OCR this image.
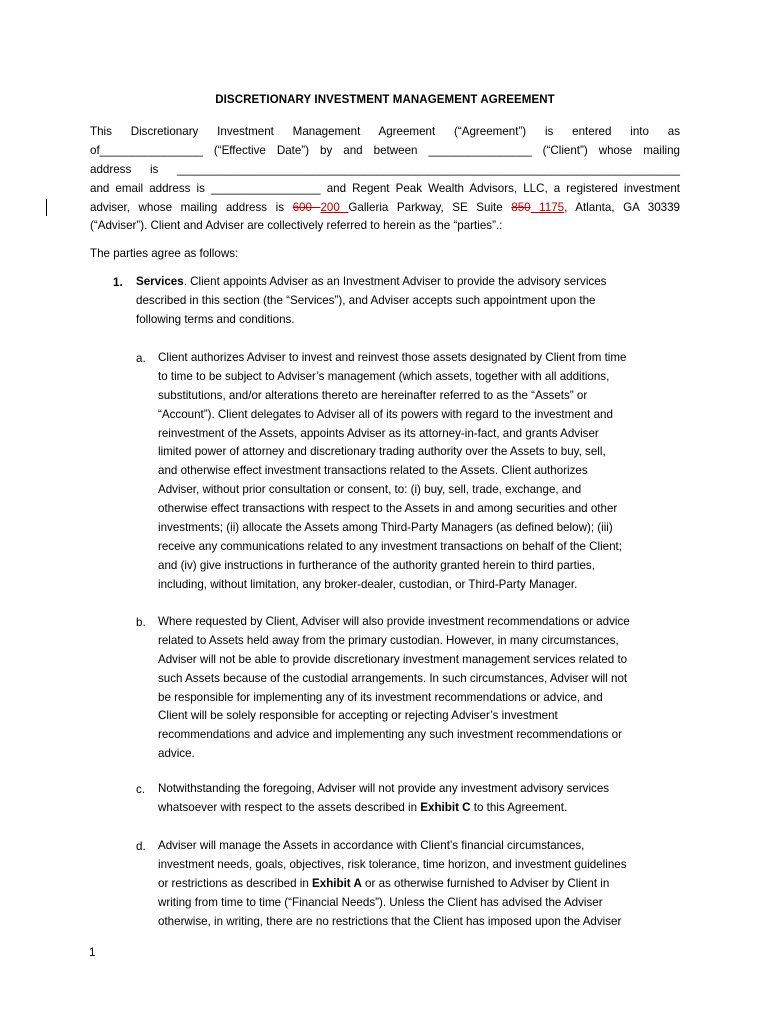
DISCRETIONARY INVESTMENT MANAGEMENT AGREEMENT
This Discretionary Investment Management Agreement (“Agreement”) is entered into as
of________________ (“Effective Date”) by and between ________________ (“Client”) whose mailing
address is ______________________________________________________________________________
and email address is _________________ and Regent Peak Wealth Advisors, LLC, a registered investment
adviser, whose mailing address is 600 200 Galleria Parkway, SE Suite 850 1175, Atlanta, GA 30339
(“Adviser”). Client and Adviser are collectively referred to herein as the “parties”.:
The parties agree as follows:
1. Services. Client appoints Adviser as an Investment Adviser to provide the advisory services
described in this section (the “Services”), and Adviser accepts such appointment upon the
following terms and conditions.
a. Client authorizes Adviser to invest and reinvest those assets designated by Client from time
to time to be subject to Adviser’s management (which assets, together with all additions,
substitutions, and/or alterations thereto are hereinafter referred to as the “Assets” or
“Account”). Client delegates to Adviser all of its powers with regard to the investment and
reinvestment of the Assets, appoints Adviser as its attorney-in-fact, and grants Adviser
limited power of attorney and discretionary trading authority over the Assets to buy, sell,
and otherwise effect investment transactions related to the Assets. Client authorizes
Adviser, without prior consultation or consent, to: (i) buy, sell, trade, exchange, and
otherwise effect transactions with respect to the Assets in and among securities and other
investments; (ii) allocate the Assets among Third-Party Managers (as defined below); (iii)
receive any communications related to any investment transactions on behalf of the Client;
and (iv) give instructions in furtherance of the authority granted herein to third parties,
including, without limitation, any broker-dealer, custodian, or Third-Party Manager.
b. Where requested by Client, Adviser will also provide investment recommendations or advice
related to Assets held away from the primary custodian. However, in many circumstances,
Adviser will not be able to provide discretionary investment management services related to
such Assets because of the custodial arrangements. In such circumstances, Adviser will not
be responsible for implementing any of its investment recommendations or advice, and
Client will be solely responsible for accepting or rejecting Adviser’s investment
recommendations and advice and implementing any such investment recommendations or
advice.
c. Notwithstanding the foregoing, Adviser will not provide any investment advisory services
whatsoever with respect to the assets described in Exhibit C to this Agreement.
d. Adviser will manage the Assets in accordance with Client’s financial circumstances,
investment needs, goals, objectives, risk tolerance, time horizon, and investment guidelines
or restrictions as described in Exhibit A or as otherwise furnished to Adviser by Client in
writing from time to time (“Financial Needs”). Unless the Client has advised the Adviser
otherwise, in writing, there are no restrictions that the Client has imposed upon the Adviser
1
